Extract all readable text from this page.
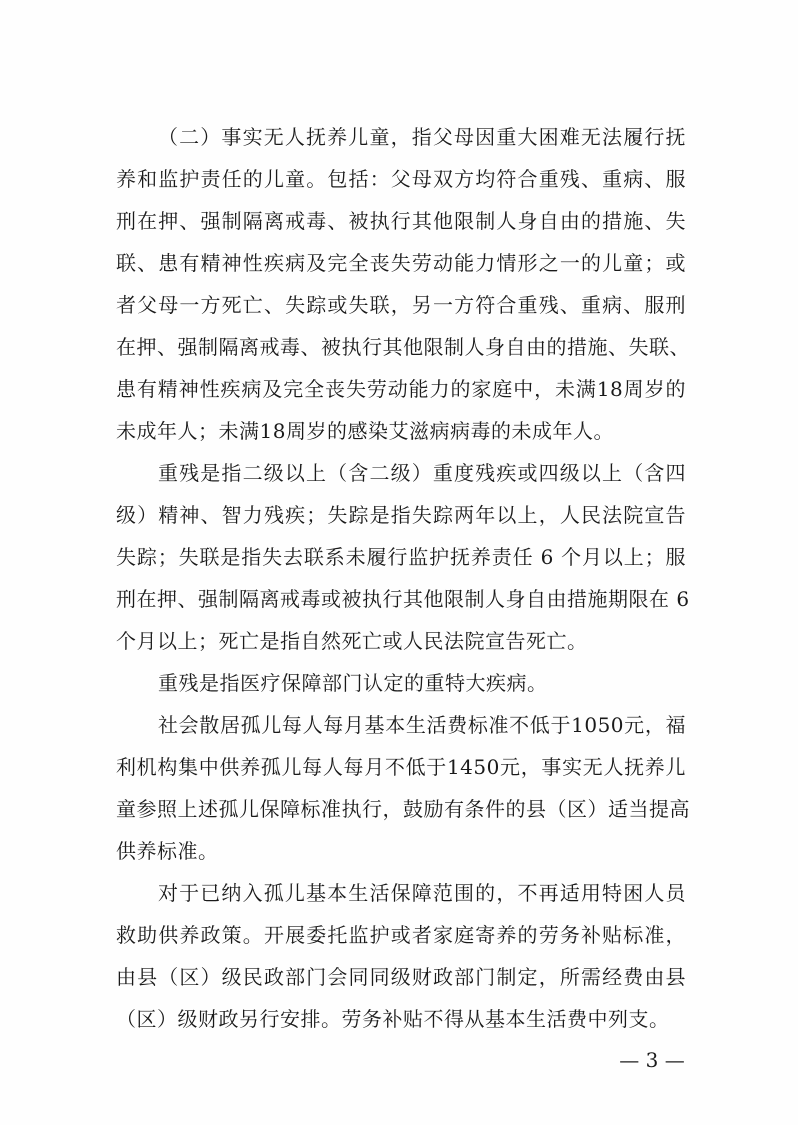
（二）事实无人抚养儿童，指父母因重大困难无法履行抚
养和监护责任的儿童。包括：父母双方均符合重残、重病、服
刑在押、强制隔离戒毒、被执行其他限制人身自由的措施、失
联、患有精神性疾病及完全丧失劳动能力情形之一的儿童；或
者父母一方死亡、失踪或失联，另一方符合重残、重病、服刑
在押、强制隔离戒毒、被执行其他限制人身自由的措施、失联、
患有精神性疾病及完全丧失劳动能力的家庭中，未满18周岁的
未成年人；未满18周岁的感染艾滋病病毒的未成年人。
重残是指二级以上（含二级）重度残疾或四级以上（含四
级）精神、智力残疾；失踪是指失踪两年以上，人民法院宣告
失踪；失联是指失去联系未履行监护抚养责任 6 个月以上；服
刑在押、强制隔离戒毒或被执行其他限制人身自由措施期限在 6
个月以上；死亡是指自然死亡或人民法院宣告死亡。
重残是指医疗保障部门认定的重特大疾病。
社会散居孤儿每人每月基本生活费标准不低于1050元，福
利机构集中供养孤儿每人每月不低于1450元，事实无人抚养儿
童参照上述孤儿保障标准执行，鼓励有条件的县（区）适当提高
供养标准。
对于已纳入孤儿基本生活保障范围的，不再适用特困人员
救助供养政策。开展委托监护或者家庭寄养的劳务补贴标准，
由县（区）级民政部门会同同级财政部门制定，所需经费由县
（区）级财政另行安排。劳务补贴不得从基本生活费中列支。
— 3 —
